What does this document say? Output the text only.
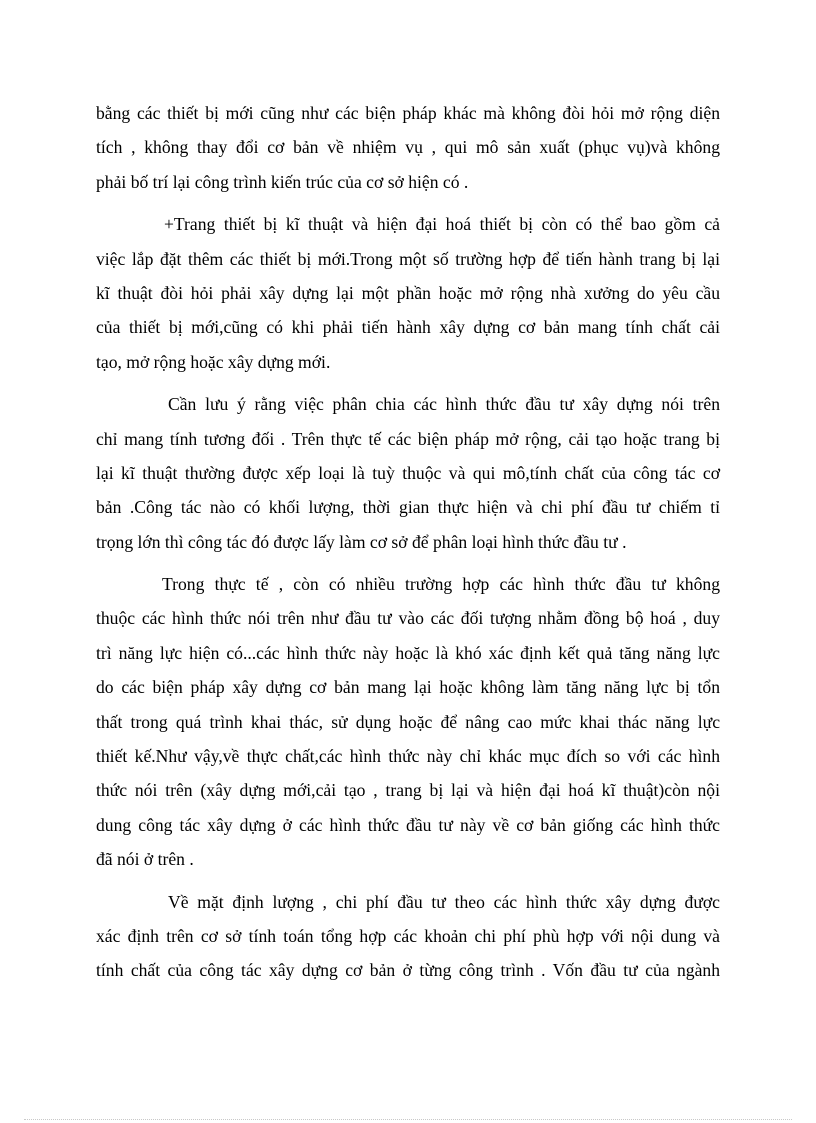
bằng các thiết bị mới cũng như các biện pháp khác mà không đòi hỏi mở rộng diện
tích , không thay đổi cơ bản về nhiệm vụ , qui mô sản xuất (phục vụ)và không
phải bố trí lại công trình kiến trúc của cơ sở hiện có .
+Trang thiết bị kĩ thuật và hiện đại hoá thiết bị còn có thể bao gồm cả
việc lắp đặt thêm các thiết bị mới.Trong một số trường hợp để tiến hành trang bị lại
kĩ thuật đòi hỏi phải xây dựng lại một phần hoặc mở rộng nhà xưởng do yêu cầu
của thiết bị mới,cũng có khi phải tiến hành xây dựng cơ bản mang tính chất cải
tạo, mở rộng hoặc xây dựng mới.
Cần lưu ý rằng việc phân chia các hình thức đầu tư xây dựng nói trên
chỉ mang tính tương đối . Trên thực tế các biện pháp mở rộng, cải tạo hoặc trang bị
lại kĩ thuật thường được xếp loại là tuỳ thuộc và qui mô,tính chất của công tác cơ
bản .Công tác nào có khối lượng, thời gian thực hiện và chi phí đầu tư chiếm tỉ
trọng lớn thì công tác đó được lấy làm cơ sở để phân loại hình thức đầu tư .
Trong thực tế , còn có nhiều trường hợp các hình thức đầu tư không
thuộc các hình thức nói trên như đầu tư vào các đối tượng nhằm đồng bộ hoá , duy
trì năng lực hiện có...các hình thức này hoặc là khó xác định kết quả tăng năng lực
do các biện pháp xây dựng cơ bản mang lại hoặc không làm tăng năng lực bị tổn
thất trong quá trình khai thác, sử dụng hoặc để nâng cao mức khai thác năng lực
thiết kế.Như vậy,về thực chất,các hình thức này chỉ khác mục đích so với các hình
thức nói trên (xây dựng mới,cải tạo , trang bị lại và hiện đại hoá kĩ thuật)còn nội
dung công tác xây dựng ở các hình thức đầu tư này về cơ bản giống các hình thức
đã nói ở trên .
Về mặt định lượng , chi phí đầu tư theo các hình thức xây dựng được
xác định trên cơ sở tính toán tổng hợp các khoản chi phí phù hợp với nội dung và
tính chất của công tác xây dựng cơ bản ở từng công trình . Vốn đầu tư của ngành
